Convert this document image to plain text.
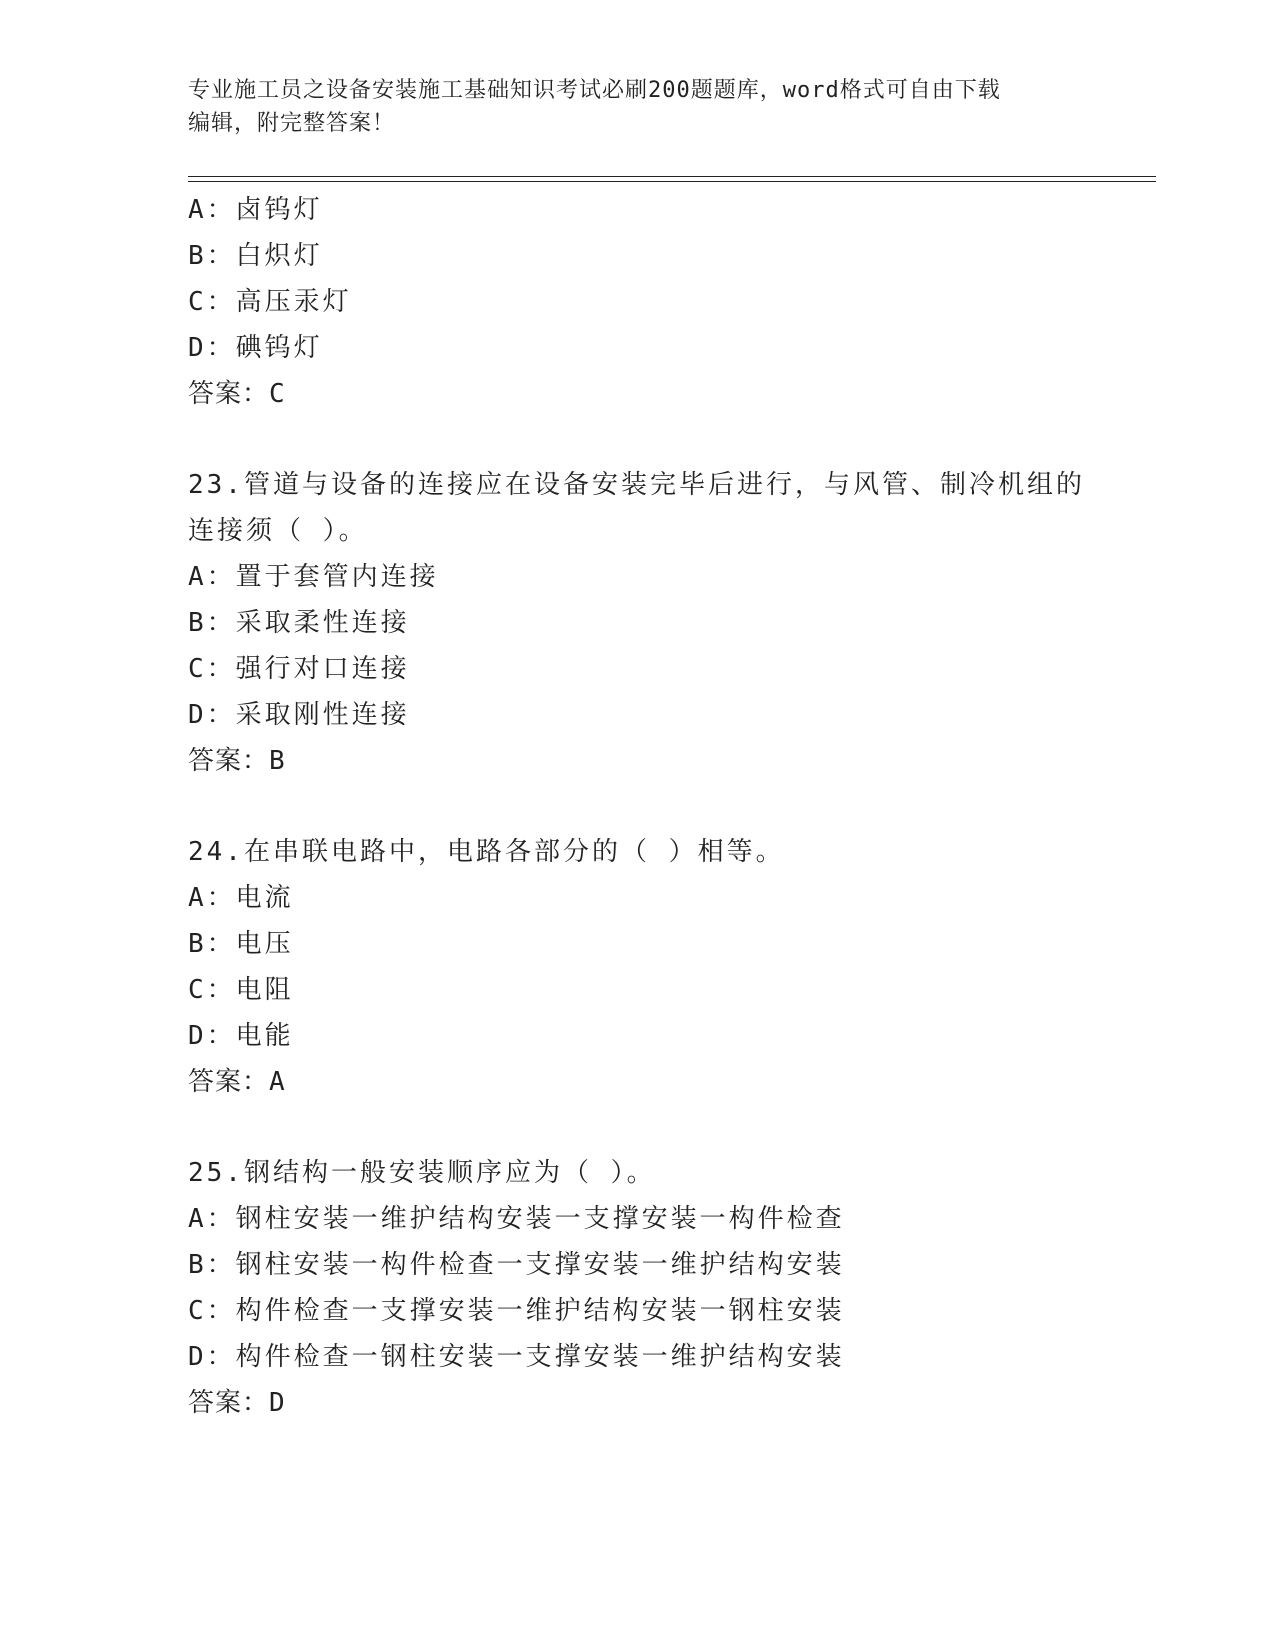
专业施工员之设备安装施工基础知识考试必刷200题题库，word格式可自由下载
编辑，附完整答案！
A：卤钨灯
B：白炽灯
C：高压汞灯
D：碘钨灯
答案：C
23.管道与设备的连接应在设备安装完毕后进行，与风管、制冷机组的
连接须（ ）。
A：置于套管内连接
B：采取柔性连接
C：强行对口连接
D：采取刚性连接
答案：B
24.在串联电路中，电路各部分的（ ）相等。
A：电流
B：电压
C：电阻
D：电能
答案：A
25.钢结构一般安装顺序应为（ ）。
A：钢柱安装一维护结构安装一支撑安装一构件检查
B：钢柱安装一构件检查一支撑安装一维护结构安装
C：构件检查一支撑安装一维护结构安装一钢柱安装
D：构件检查一钢柱安装一支撑安装一维护结构安装
答案：D
